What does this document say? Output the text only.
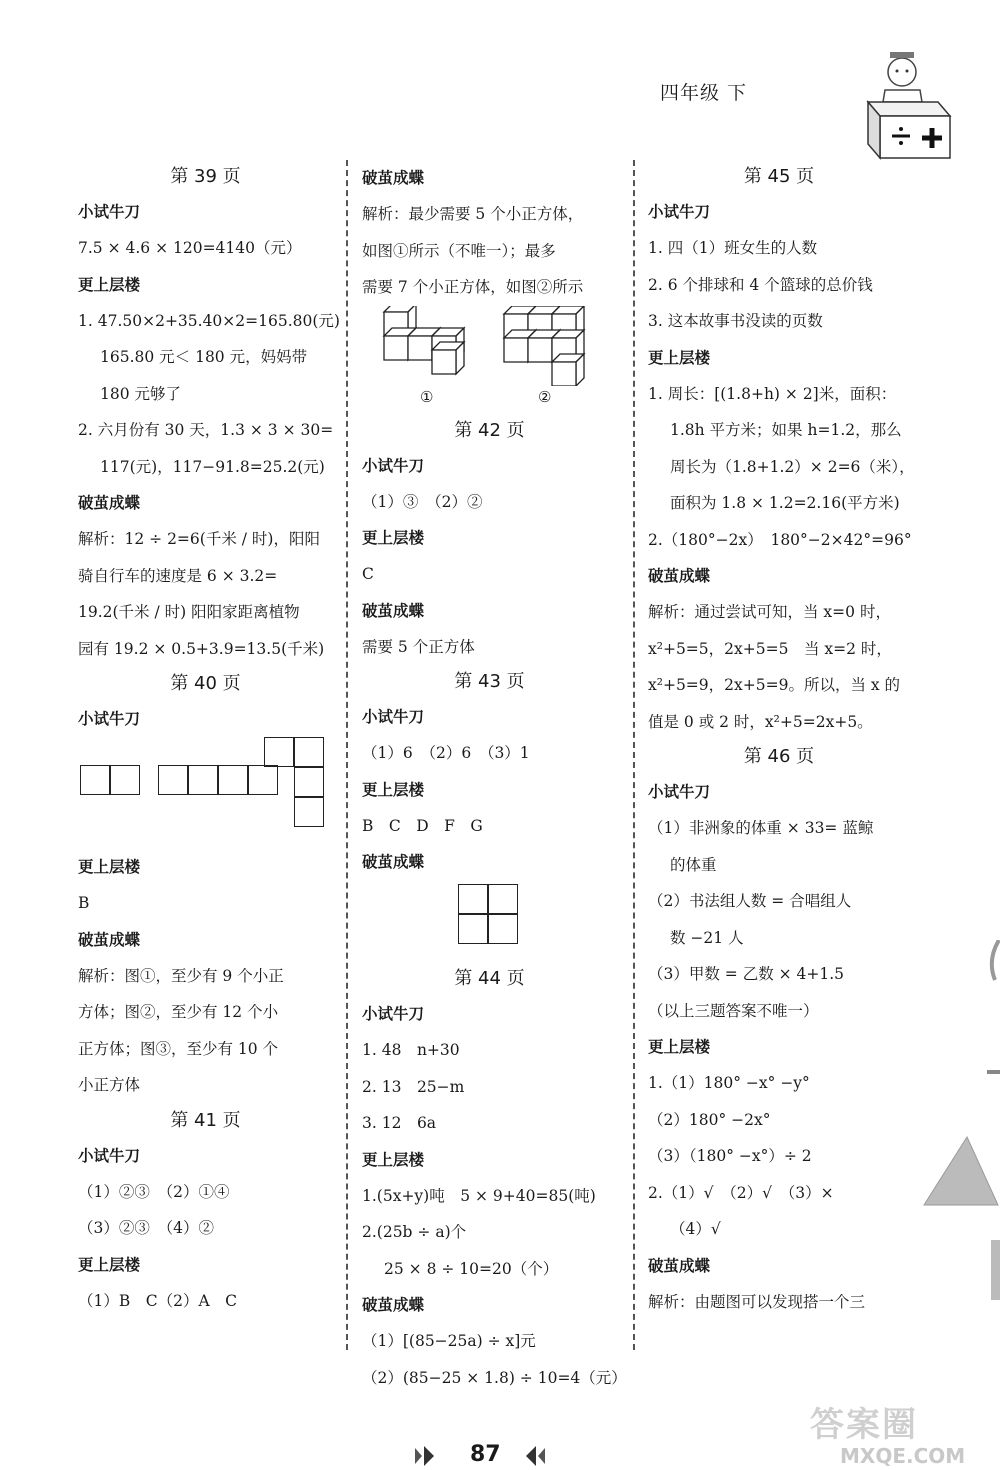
四年级 下
第 39 页
小试牛刀
7.5 × 4.6 × 120=4140（元）
更上层楼
1. 47.50×2+35.40×2=165.80(元)
165.80 元＜ 180 元，妈妈带
180 元够了
2. 六月份有 30 天，1.3 × 3 × 30=
117(元)，117−91.8=25.2(元)
破茧成蝶
解析：12 ÷ 2=6(千米 / 时)，阳阳
骑自行车的速度是 6 × 3.2=
19.2(千米 / 时) 阳阳家距离植物
园有 19.2 × 0.5+3.9=13.5(千米)
第 40 页
小试牛刀
更上层楼
B
破茧成蝶
解析：图①，至少有 9 个小正
方体；图②，至少有 12 个小
正方体；图③，至少有 10 个
小正方体
第 41 页
小试牛刀
（1）②③　（2）①④
（3）②③　（4）②
更上层楼
（1）B　C（2）A　C
破茧成蝶
解析：最少需要 5 个小正方体，
如图①所示（不唯一）；最多
需要 7 个小正方体，如图②所示
①	②
第 42 页
小试牛刀
（1）③　（2）②
更上层楼
C
破茧成蝶
需要 5 个正方体
第 43 页
小试牛刀
（1）6　（2）6　（3）1
更上层楼
B　C　D　F　G
破茧成蝶
第 44 页
小试牛刀
1. 48　n+30
2. 13　25−m
3. 12　6a
更上层楼
1.(5x+y)吨　5 × 9+40=85(吨)
2.(25b ÷ a)个
25 × 8 ÷ 10=20（个）
破茧成蝶
（1）[(85−25a) ÷ x]元
（2）(85−25 × 1.8) ÷ 10=4（元）
第 45 页
小试牛刀
1. 四（1）班女生的人数
2. 6 个排球和 4 个篮球的总价钱
3. 这本故事书没读的页数
更上层楼
1. 周长：[(1.8+h) × 2]米，面积：
1.8h 平方米；如果 h=1.2，那么
周长为（1.8+1.2）× 2=6（米），
面积为 1.8 × 1.2=2.16(平方米)
2.（180°−2x）　180°−2×42°=96°
破茧成蝶
解析：通过尝试可知，当 x=0 时，
x²+5=5，2x+5=5　当 x=2 时，
x²+5=9，2x+5=9。所以，当 x 的
值是 0 或 2 时，x²+5=2x+5。
第 46 页
小试牛刀
（1）非洲象的体重 × 33= 蓝鲸
的体重
（2）书法组人数 = 合唱组人
数 −21 人
（3）甲数 = 乙数 × 4+1.5
（以上三题答案不唯一）
更上层楼
1.（1）180° −x° −y°
（2）180° −2x°
（3）（180° −x°）÷ 2
2.（1）√　（2）√　（3）×
（4）√
破茧成蝶
解析：由题图可以发现搭一个三
87
答案圈
MXQE.COM
